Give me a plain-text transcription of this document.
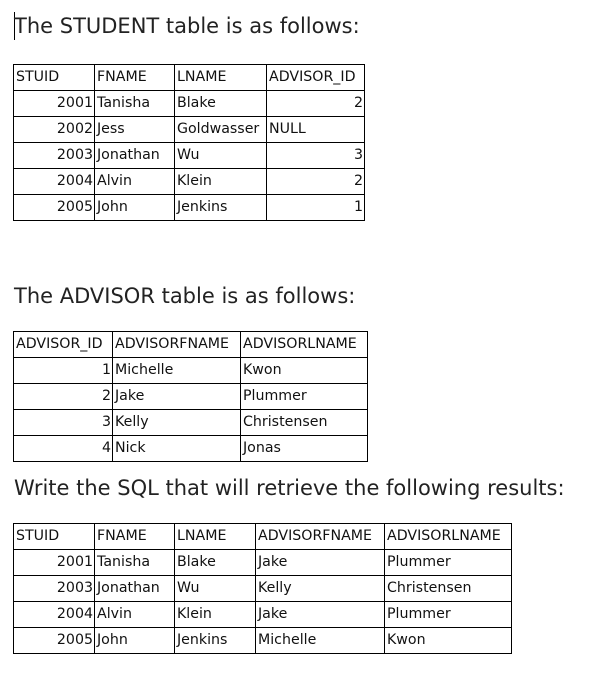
The STUDENT table is as follows:
STUID	FNAME	LNAME	ADVISOR_ID
2001	Tanisha	Blake	2
2002	Jess	Goldwasser	NULL
2003	Jonathan	Wu	3
2004	Alvin	Klein	2
2005	John	Jenkins	1
The ADVISOR table is as follows:
ADVISOR_ID	ADVISORFNAME	ADVISORLNAME
1	Michelle	Kwon
2	Jake	Plummer
3	Kelly	Christensen
4	Nick	Jonas
Write the SQL that will retrieve the following results:
STUID	FNAME	LNAME	ADVISORFNAME	ADVISORLNAME
2001	Tanisha	Blake	Jake	Plummer
2003	Jonathan	Wu	Kelly	Christensen
2004	Alvin	Klein	Jake	Plummer
2005	John	Jenkins	Michelle	Kwon
